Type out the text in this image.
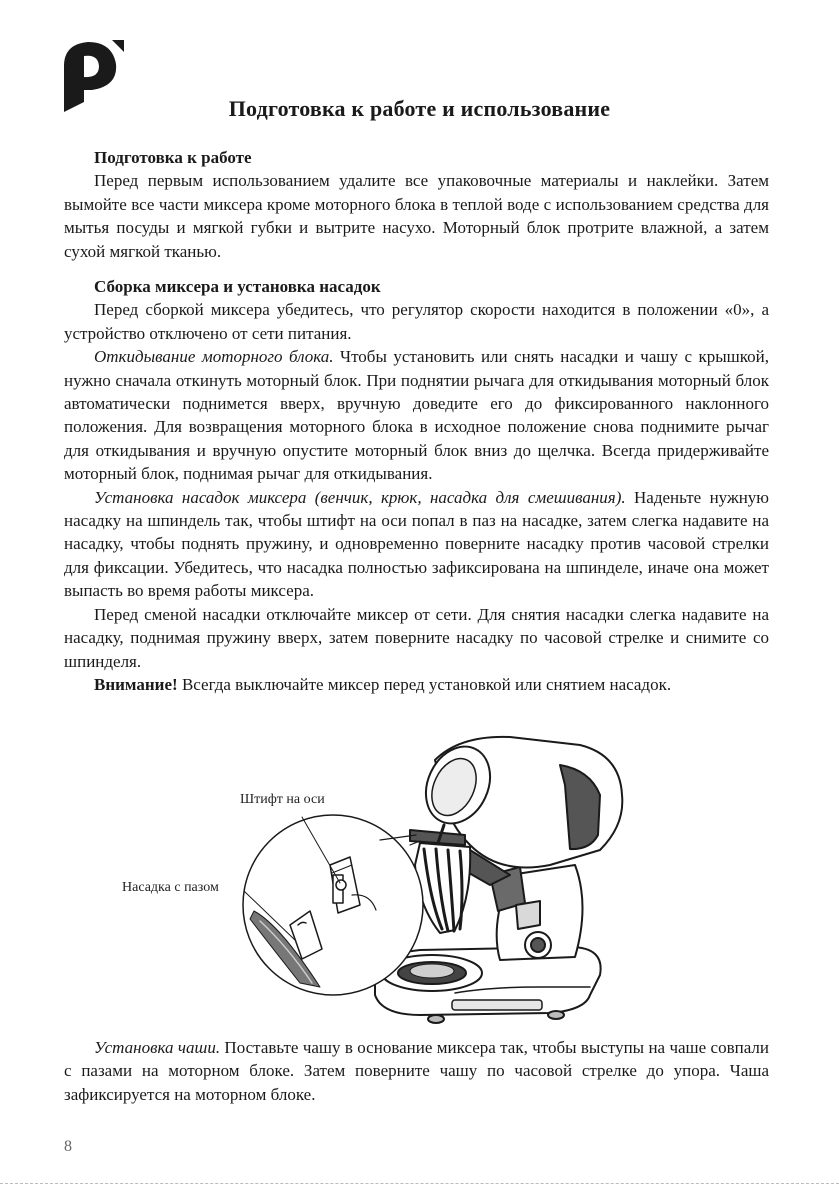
Подготовка к работе и использование
Подготовка к работе

Перед первым использованием удалите все упаковочные материалы и наклейки. Затем вымойте все части миксера кроме моторного блока в теплой воде с использованием средства для мытья посуды и мягкой губки и вытрите насухо. Моторный блок протрите влажной, а затем сухой мягкой тканью.

Сборка миксера и установка насадок

Перед сборкой миксера убедитесь, что регулятор скорости находится в положении «0», а устройство отключено от сети питания.

Откидывание моторного блока. Чтобы установить или снять насадки и чашу с крышкой, нужно сначала откинуть моторный блок. При поднятии рычага для откидывания моторный блок автоматически поднимется вверх, вручную доведите его до фиксированного наклонного положения. Для возвращения моторного блока в исходное положение снова поднимите рычаг для откидывания и вручную опустите моторный блок вниз до щелчка. Всегда придерживайте моторный блок, поднимая рычаг для откидывания.

Установка насадок миксера (венчик, крюк, насадка для смешивания). Наденьте нужную насадку на шпиндель так, чтобы штифт на оси попал в паз на насадке, затем слегка надавите на насадку, чтобы поднять пружину, и одновременно поверните насадку против часовой стрелки для фиксации. Убедитесь, что насадка полностью зафиксирована на шпинделе, иначе она может выпасть во время работы миксера.

Перед сменой насадки отключайте миксер от сети. Для снятия насадки слегка надавите на насадку, поднимая пружину вверх, затем поверните насадку по часовой стрелке и снимите со шпинделя.

Внимание! Всегда выключайте миксер перед установкой или снятием насадок.

Штифт на оси
Насадка с пазом

Установка чаши. Поставьте чашу в основание миксера так, чтобы выступы на чаше совпали с пазами на моторном блоке. Затем поверните чашу по часовой стрелке до упора. Чаша зафиксируется на моторном блоке.

8
